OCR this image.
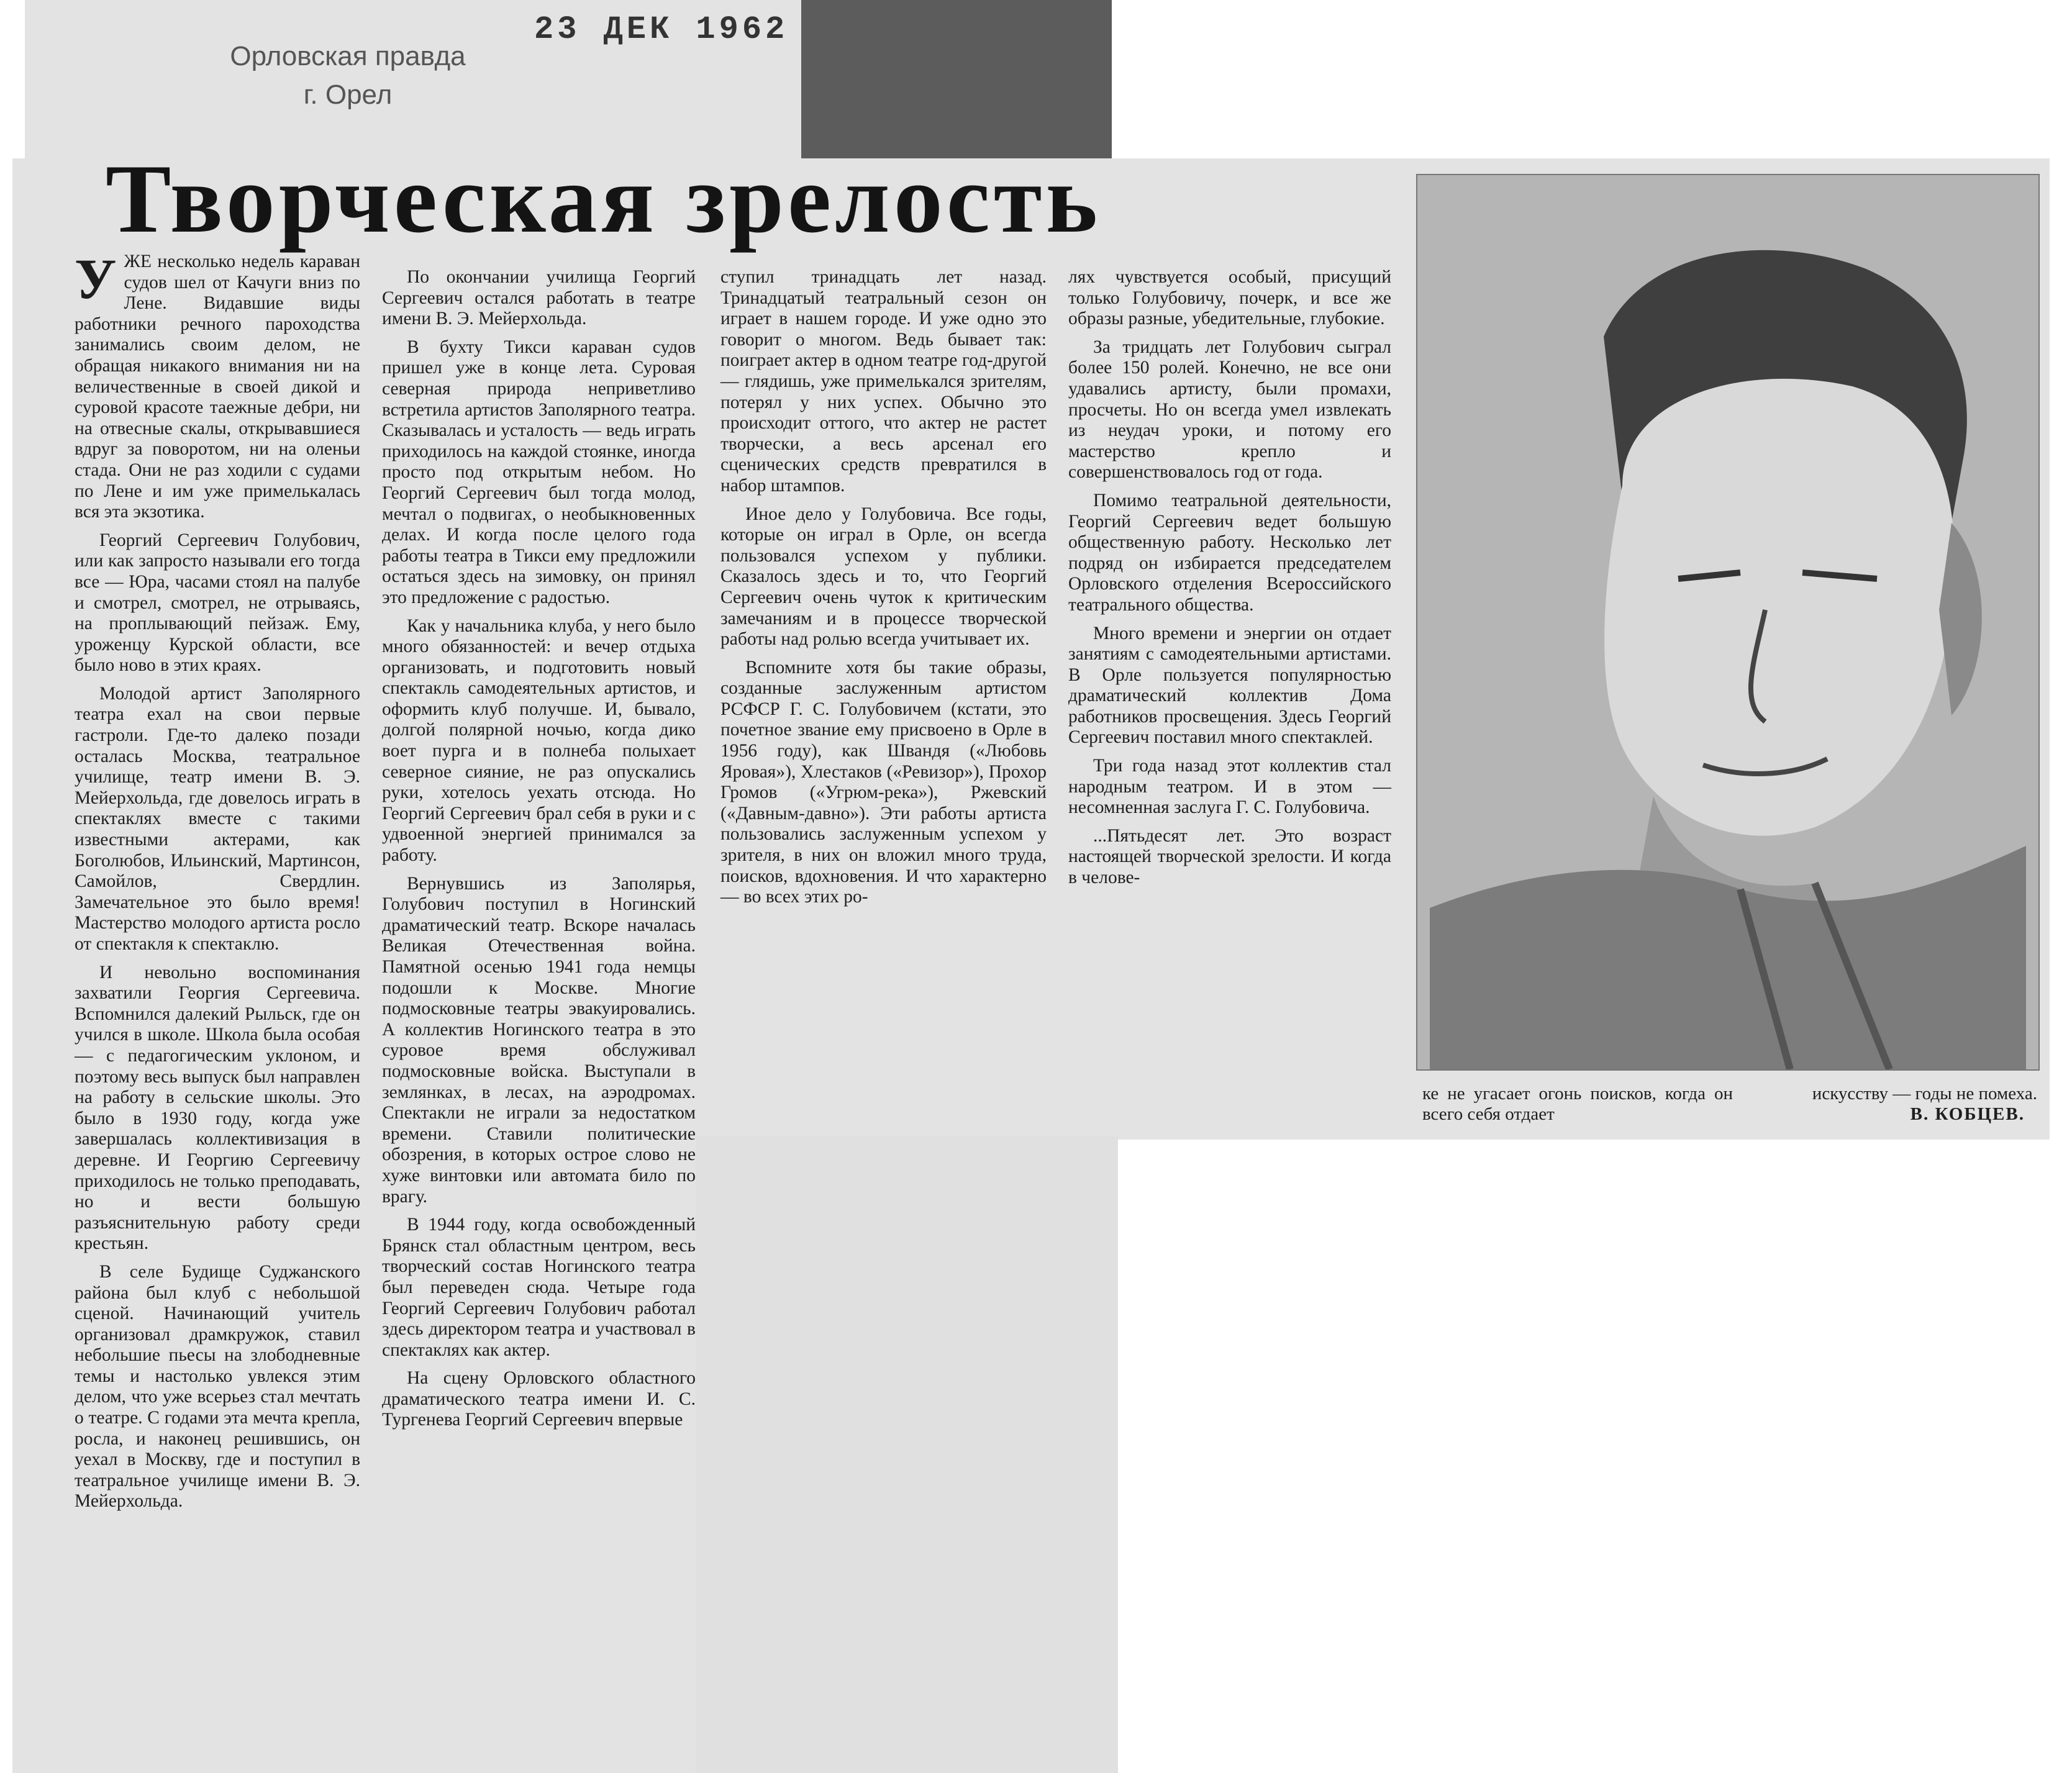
Орловская правда
г. Орел
23 ДЕК 1962
Творческая зрелость

УЖЕ несколько недель караван судов шел от Качуги вниз по Лене. Видавшие виды работники речного пароходства занимались своим делом, не обращая никакого внимания ни на величественные в своей дикой и суровой красоте таежные дебри, ни на отвесные скалы, открывавшиеся вдруг за поворотом, ни на оленьи стада. Они не раз ходили с судами по Лене и им уже примелькалась вся эта экзотика.

Георгий Сергеевич Голубович, или как запросто называли его тогда все — Юра, часами стоял на палубе и смотрел, смотрел, не отрываясь, на проплывающий пейзаж. Ему, уроженцу Курской области, все было ново в этих краях.

Молодой артист Заполярного театра ехал на свои первые гастроли. Где-то далеко позади осталась Москва, театральное училище, театр имени В. Э. Мейерхольда, где довелось играть в спектаклях вместе с такими известными актерами, как Боголюбов, Ильинский, Мартинсон, Самойлов, Свердлин. Замечательное это было время! Мастерство молодого артиста росло от спектакля к спектаклю.

И невольно воспоминания захватили Георгия Сергеевича. Вспомнился далекий Рыльск, где он учился в школе. Школа была особая — с педагогическим уклоном, и поэтому весь выпуск был направлен на работу в сельские школы. Это было в 1930 году, когда уже завершалась коллективизация в деревне. И Георгию Сергеевичу приходилось не только преподавать, но и вести большую разъяснительную работу среди крестьян.

В селе Будище Суджанского района был клуб с небольшой сценой. Начинающий учитель организовал драмкружок, ставил небольшие пьесы на злободневные темы и настолько увлекся этим делом, что уже всерьез стал мечтать о театре. С годами эта мечта крепла, росла, и наконец решившись, он уехал в Москву, где и поступил в театральное училище имени В. Э. Мейерхольда.

По окончании училища Георгий Сергеевич остался работать в театре имени В. Э. Мейерхольда.

В бухту Тикси караван судов пришел уже в конце лета. Суровая северная природа неприветливо встретила артистов Заполярного театра. Сказывалась и усталость — ведь играть приходилось на каждой стоянке, иногда просто под открытым небом. Но Георгий Сергеевич был тогда молод, мечтал о подвигах, о необыкновенных делах. И когда после целого года работы театра в Тикси ему предложили остаться здесь на зимовку, он принял это предложение с радостью.

Как у начальника клуба, у него было много обязанностей: и вечер отдыха организовать, и подготовить новый спектакль самодеятельных артистов, и оформить клуб получше. И, бывало, долгой полярной ночью, когда дико воет пурга и в полнеба полыхает северное сияние, не раз опускались руки, хотелось уехать отсюда. Но Георгий Сергеевич брал себя в руки и с удвоенной энергией принимался за работу.

Вернувшись из Заполярья, Голубович поступил в Ногинский драматический театр. Вскоре началась Великая Отечественная война. Памятной осенью 1941 года немцы подошли к Москве. Многие подмосковные театры эвакуировались. А коллектив Ногинского театра в это суровое время обслуживал подмосковные войска. Выступали в землянках, в лесах, на аэродромах. Спектакли не играли за недостатком времени. Ставили политические обозрения, в которых острое слово не хуже винтовки или автомата било по врагу.

В 1944 году, когда освобожденный Брянск стал областным центром, весь творческий состав Ногинского театра был переведен сюда. Четыре года Георгий Сергеевич Голубович работал здесь директором театра и участвовал в спектаклях как актер.

На сцену Орловского областного драматического театра имени И. С. Тургенева Георгий Сергеевич впервые

ступил тринадцать лет назад. Тринадцатый театральный сезон он играет в нашем городе. И уже одно это говорит о многом. Ведь бывает так: поиграет актер в одном театре год-другой — глядишь, уже примелькался зрителям, потерял у них успех. Обычно это происходит оттого, что актер не растет творчески, а весь арсенал его сценических средств превратился в набор штампов.

Иное дело у Голубовича. Все годы, которые он играл в Орле, он всегда пользовался успехом у публики. Сказалось здесь и то, что Георгий Сергеевич очень чуток к критическим замечаниям и в процессе творческой работы над ролью всегда учитывает их.

Вспомните хотя бы такие образы, созданные заслуженным артистом РСФСР Г. С. Голубовичем (кстати, это почетное звание ему присвоено в Орле в 1956 году), как Швандя («Любовь Яровая»), Хлестаков («Ревизор»), Прохор Громов («Угрюм-река»), Ржевский («Давным-давно»). Эти работы артиста пользовались заслуженным успехом у зрителя, в них он вложил много труда, поисков, вдохновения. И что характерно — во всех этих ро-

лях чувствуется особый, присущий только Голубовичу, почерк, и все же образы разные, убедительные, глубокие.

За тридцать лет Голубович сыграл более 150 ролей. Конечно, не все они удавались артисту, были промахи, просчеты. Но он всегда умел извлекать из неудач уроки, и потому его мастерство крепло и совершенствовалось год от года.

Помимо театральной деятельности, Георгий Сергеевич ведет большую общественную работу. Несколько лет подряд он избирается председателем Орловского отделения Всероссийского театрального общества.

Много времени и энергии он отдает занятиям с самодеятельными артистами. В Орле пользуется популярностью драматический коллектив Дома работников просвещения. Здесь Георгий Сергеевич поставил много спектаклей.

Три года назад этот коллектив стал народным театром. И в этом — несомненная заслуга Г. С. Голубовича.

...Пятьдесят лет. Это возраст настоящей творческой зрелости. И когда в челове-

ке не угасает огонь поисков, когда он всего себя отдает
искусству — годы не помеха.
В. КОБЦЕВ.
